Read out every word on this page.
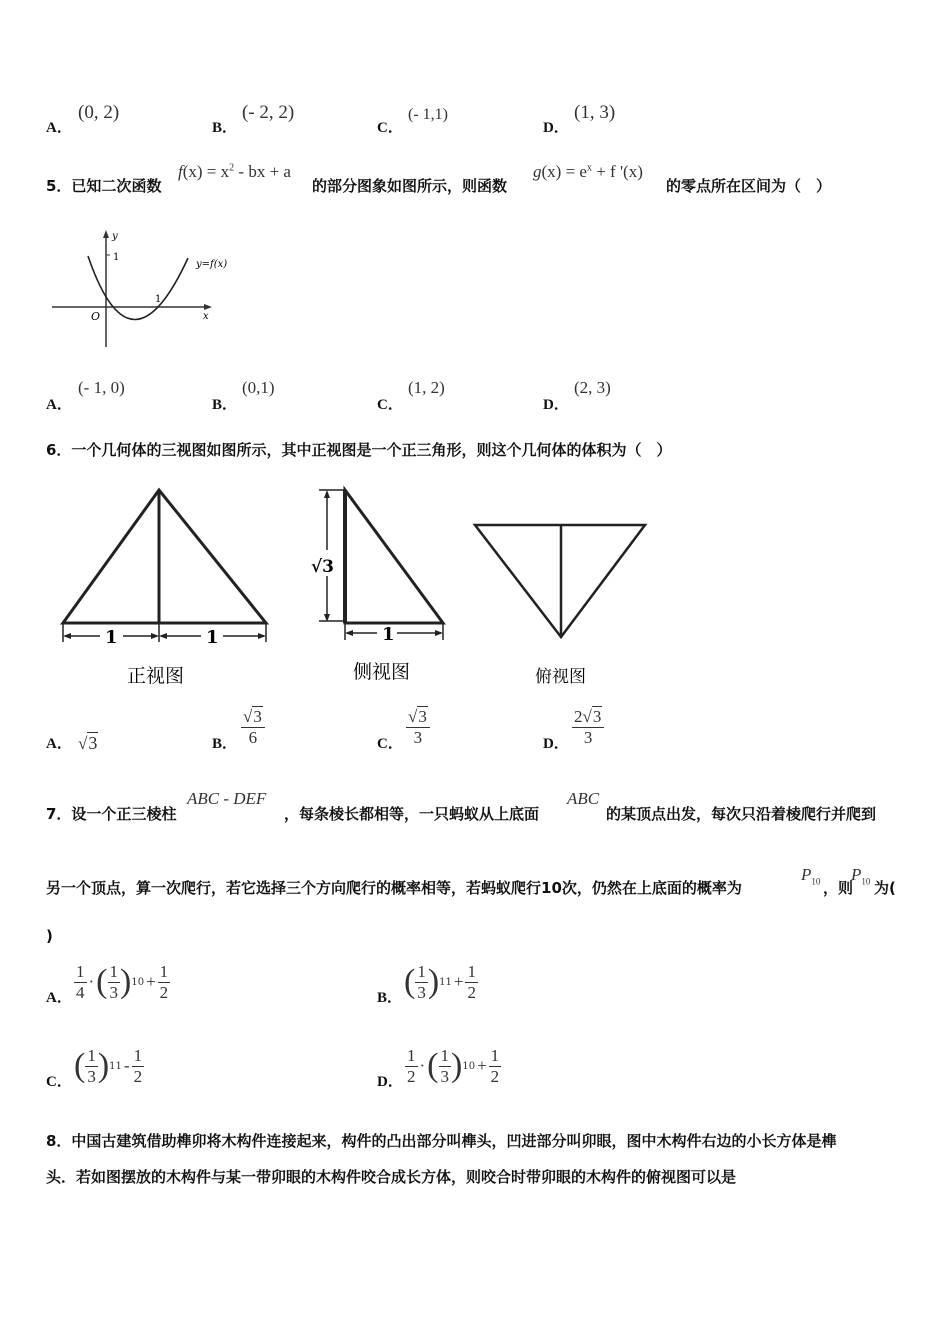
A．
(0, 2)
B．
(- 2, 2)
C．
(- 1,1)
D．
(1, 3)
5．已知二次函数
$f(x) = x^2$ - bx + a
的部分图象如图所示，则函数
$g(x) = e^x + f$ '(x)
的零点所在区间为（　）
y
1
y=f(x)
1
O	x
A．
(- 1, 0)
B．
(0,1)
C．
(1, 2)
D．
(2, 3)
6．一个几何体的三视图如图所示，其中正视图是一个正三角形，则这个几何体的体积为（　）
1	1
正视图
√3
1
侧视图	俯视图
A． √ 3	B． $\frac{√ 3}{6}$	C． $\frac{√ 3}{3}$	D． $\frac{2 √ 3}{3}$
7．设一个正三棱柱
ABC - DEF
，每条棱长都相等，一只蚂蚁从上底面
ABC
的某顶点出发，每次只沿着棱爬行并爬到
另一个顶点，算一次爬行，若它选择三个方向爬行的概率相等，若蚂蚁爬行10次，仍然在上底面的概率为
$P_{10}$ ，则
$P_{10}$ 为(
)
A． $\frac{1}{4}$ · ( $\frac{1}{3}$ ) $10 + \frac{1}{2}$	B． ( $\frac{1}{3}$ ) $11 + \frac{1}{2}$
C． ( $\frac{1}{3}$ ) $11 - \frac{1}{2}$	D． $\frac{1}{2}$ · ( $\frac{1}{3}$ ) $10 + \frac{1}{2}$
8．中国古建筑借助榫卯将木构件连接起来，构件的凸出部分叫榫头，凹进部分叫卯眼，图中木构件右边的小长方体是榫
头．若如图摆放的木构件与某一带卯眼的木构件咬合成长方体，则咬合时带卯眼的木构件的俯视图可以是
